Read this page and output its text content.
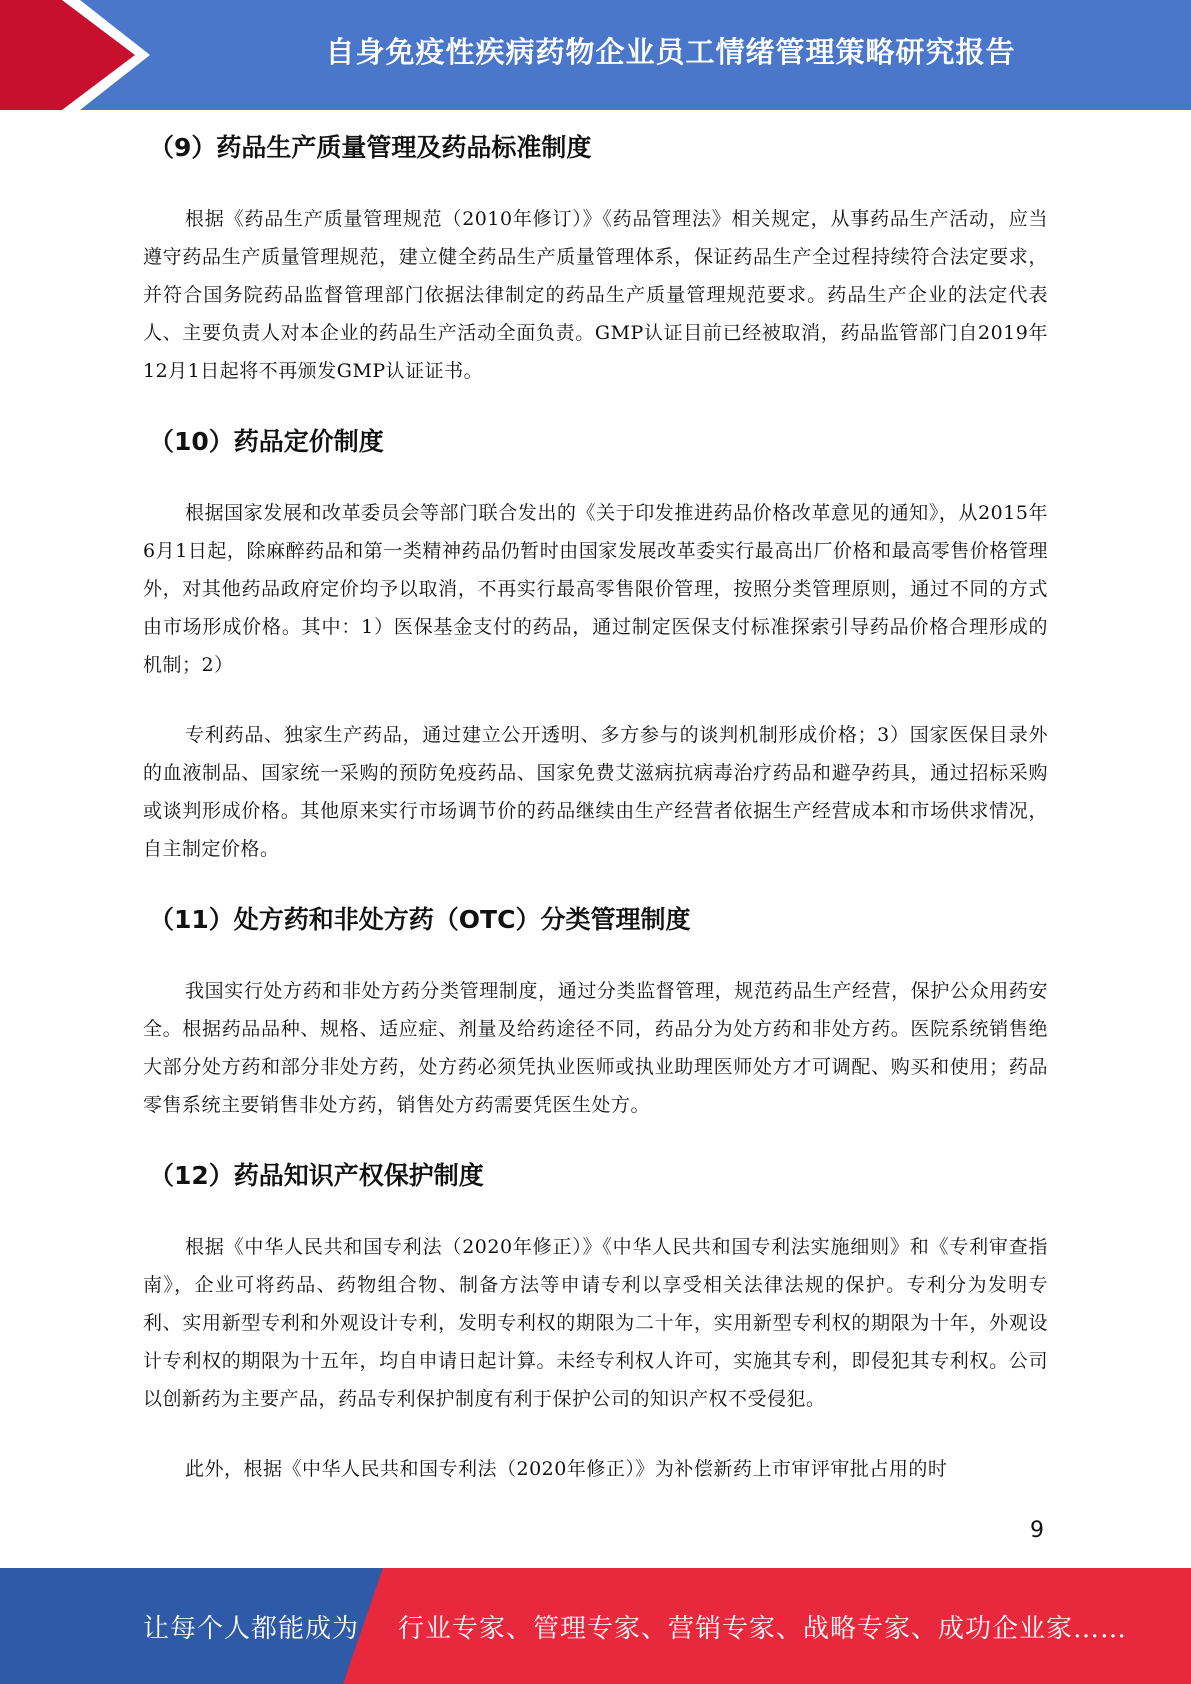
自身免疫性疾病药物企业员工情绪管理策略研究报告
（9）药品生产质量管理及药品标准制度

根据《药品生产质量管理规范（2010年修订）》《药品管理法》相关规定，从事药品生产活动，应当遵守药品生产质量管理规范，建立健全药品生产质量管理体系，保证药品生产全过程持续符合法定要求，并符合国务院药品监督管理部门依据法律制定的药品生产质量管理规范要求。药品生产企业的法定代表人、主要负责人对本企业的药品生产活动全面负责。GMP认证目前已经被取消，药品监管部门自2019年12月1日起将不再颁发GMP认证证书。

（10）药品定价制度

根据国家发展和改革委员会等部门联合发出的《关于印发推进药品价格改革意见的通知》，从2015年6月1日起，除麻醉药品和第一类精神药品仍暂时由国家发展改革委实行最高出厂价格和最高零售价格管理外，对其他药品政府定价均予以取消，不再实行最高零售限价管理，按照分类管理原则，通过不同的方式由市场形成价格。其中：1）医保基金支付的药品，通过制定医保支付标准探索引导药品价格合理形成的机制；2）

专利药品、独家生产药品，通过建立公开透明、多方参与的谈判机制形成价格；3）国家医保目录外的血液制品、国家统一采购的预防免疫药品、国家免费艾滋病抗病毒治疗药品和避孕药具，通过招标采购或谈判形成价格。其他原来实行市场调节价的药品继续由生产经营者依据生产经营成本和市场供求情况，自主制定价格。

（11）处方药和非处方药（OTC）分类管理制度

我国实行处方药和非处方药分类管理制度，通过分类监督管理，规范药品生产经营，保护公众用药安全。根据药品品种、规格、适应症、剂量及给药途径不同，药品分为处方药和非处方药。医院系统销售绝大部分处方药和部分非处方药，处方药必须凭执业医师或执业助理医师处方才可调配、购买和使用；药品零售系统主要销售非处方药，销售处方药需要凭医生处方。

（12）药品知识产权保护制度

根据《中华人民共和国专利法（2020年修正）》《中华人民共和国专利法实施细则》和《专利审查指南》，企业可将药品、药物组合物、制备方法等申请专利以享受相关法律法规的保护。专利分为发明专利、实用新型专利和外观设计专利，发明专利权的期限为二十年，实用新型专利权的期限为十年，外观设计专利权的期限为十五年，均自申请日起计算。未经专利权人许可，实施其专利，即侵犯其专利权。公司以创新药为主要产品，药品专利保护制度有利于保护公司的知识产权不受侵犯。

此外，根据《中华人民共和国专利法（2020年修正）》为补偿新药上市审评审批占用的时

9
让每个人都能成为 行业专家、管理专家、营销专家、战略专家、成功企业家……
